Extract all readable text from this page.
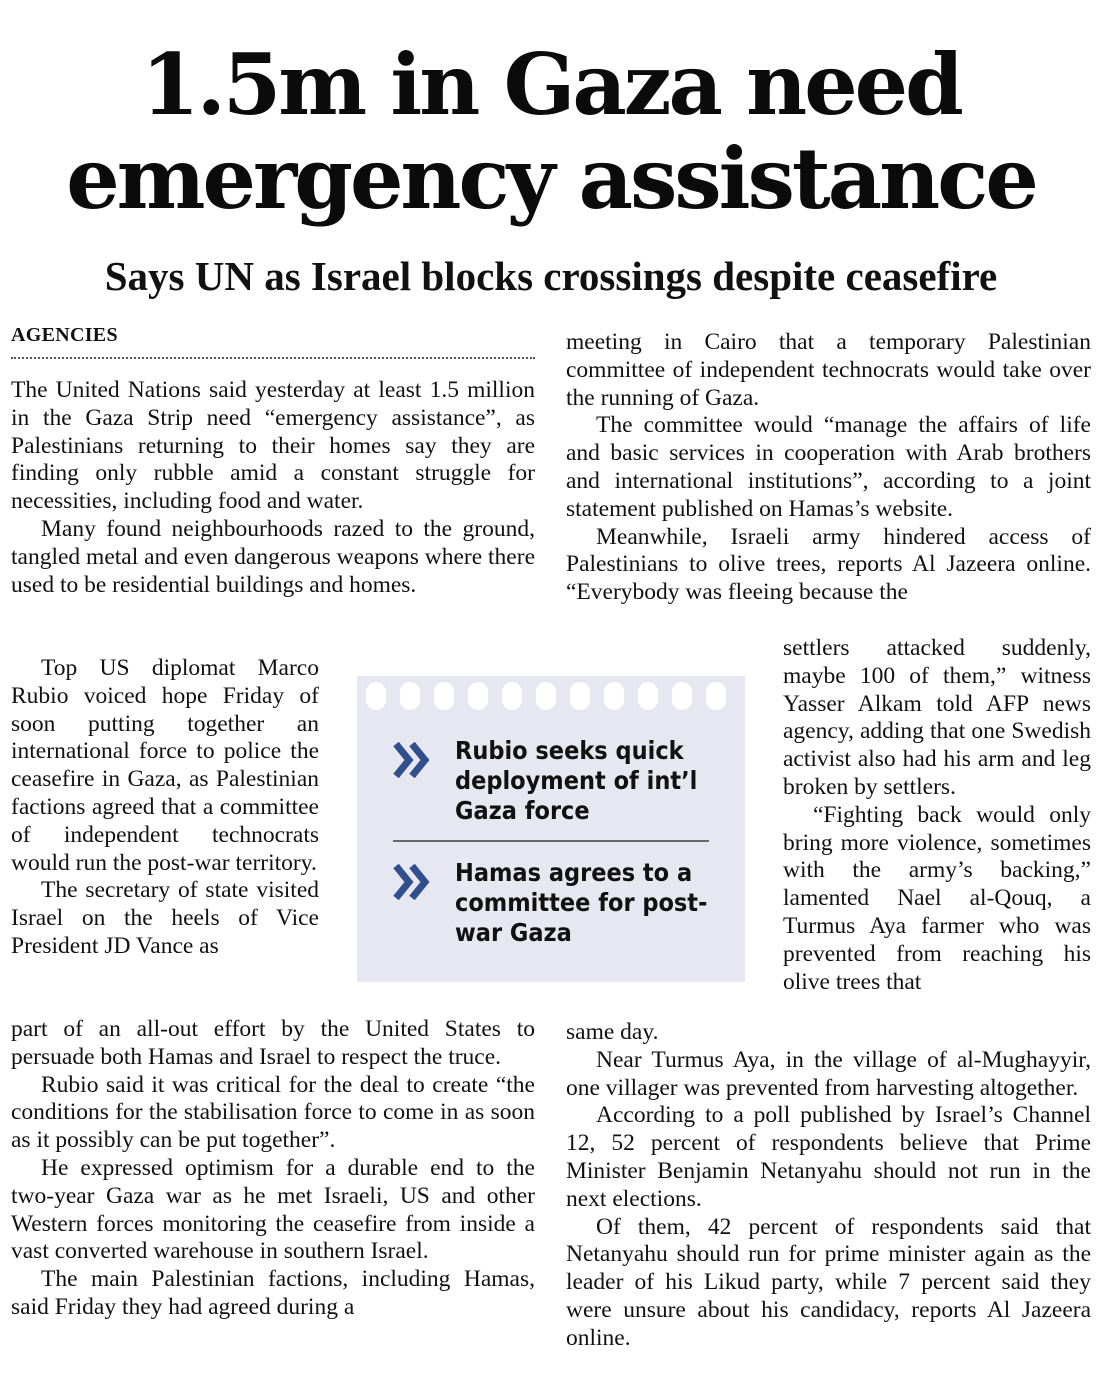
1.5m in Gaza need
emergency assistance
Says UN as Israel blocks crossings despite ceasefire
AGENCIES

The United Nations said yesterday at least 1.5 million in the Gaza Strip need “emergency assistance”, as Palestinians returning to their homes say they are finding only rubble amid a constant struggle for necessities, including food and water.

Many found neighbourhoods razed to the ground, tangled metal and even dangerous weapons where there used to be residential buildings and homes.

Top US diplomat Marco Rubio voiced hope Friday of soon putting together an international force to police the ceasefire in Gaza, as Palestinian factions agreed that a committee of independent technocrats would run the post-war territory.

The secretary of state visited Israel on the heels of Vice President JD Vance as

part of an all-out effort by the United States to persuade both Hamas and Israel to respect the truce.

Rubio said it was critical for the deal to create “the conditions for the stabilisation force to come in as soon as it possibly can be put together”.

He expressed optimism for a durable end to the two-year Gaza war as he met Israeli, US and other Western forces monitoring the ceasefire from inside a vast converted warehouse in southern Israel.

The main Palestinian factions, including Hamas, said Friday they had agreed during a

meeting in Cairo that a temporary Palestinian committee of independent technocrats would take over the running of Gaza.

The committee would “manage the affairs of life and basic services in cooperation with Arab brothers and international institutions”, according to a joint statement published on Hamas’s website.

Meanwhile, Israeli army hindered access of Palestinians to olive trees, reports Al Jazeera online. “Everybody was fleeing because the

settlers attacked suddenly, maybe 100 of them,” witness Yasser Alkam told AFP news agency, adding that one Swedish activist also had his arm and leg broken by settlers.

“Fighting back would only bring more violence, sometimes with the army’s backing,” lamented Nael al-Qouq, a Turmus Aya farmer who was prevented from reaching his olive trees that

same day.

Near Turmus Aya, in the village of al-Mughayyir, one villager was prevented from harvesting altogether.

According to a poll published by Israel’s Channel 12, 52 percent of respondents believe that Prime Minister Benjamin Netanyahu should not run in the next elections.

Of them, 42 percent of respondents said that Netanyahu should run for prime minister again as the leader of his Likud party, while 7 percent said they were unsure about his candidacy, reports Al Jazeera online.

Rubio seeks quick deployment of int’l Gaza force
Hamas agrees to a committee for post-war Gaza
